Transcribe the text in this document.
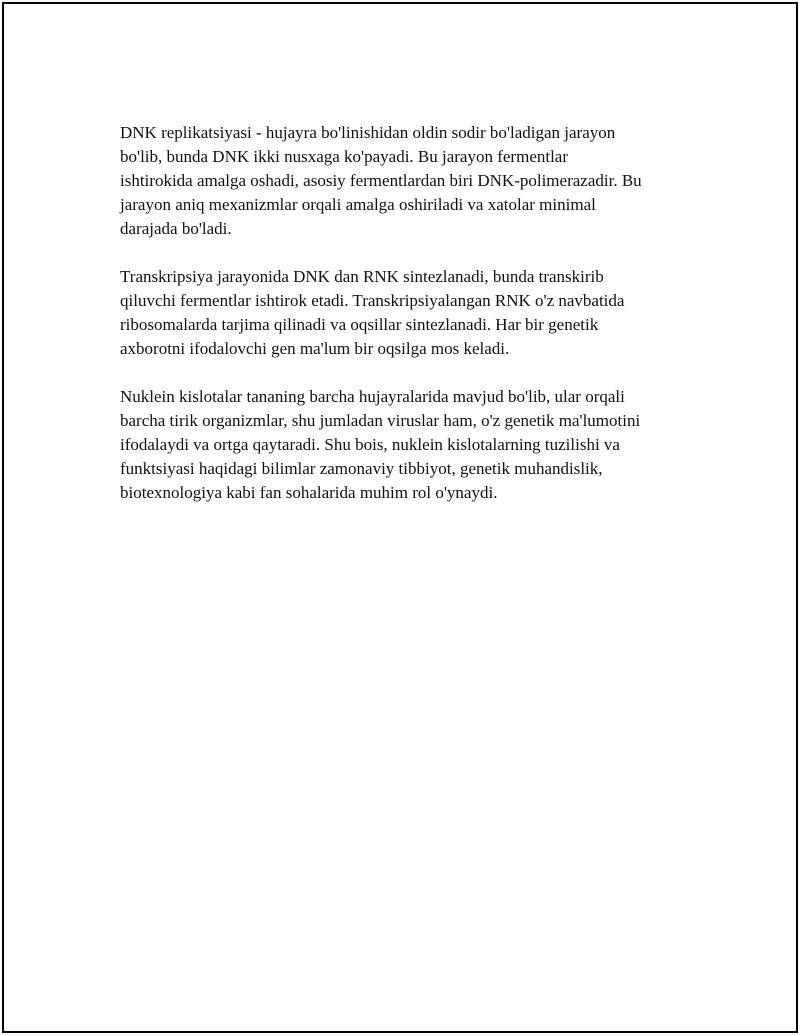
DNK replikatsiyasi - hujayra bo'linishidan oldin sodir bo'ladigan jarayon
bo'lib, bunda DNK ikki nusxaga ko'payadi. Bu jarayon fermentlar
ishtirokida amalga oshadi, asosiy fermentlardan biri DNK-polimerazadir. Bu
jarayon aniq mexanizmlar orqali amalga oshiriladi va xatolar minimal
darajada bo'ladi.

Transkripsiya jarayonida DNK dan RNK sintezlanadi, bunda transkirib
qiluvchi fermentlar ishtirok etadi. Transkripsiyalangan RNK o'z navbatida
ribosomalarda tarjima qilinadi va oqsillar sintezlanadi. Har bir genetik
axborotni ifodalovchi gen ma'lum bir oqsilga mos keladi.

Nuklein kislotalar tananing barcha hujayralarida mavjud bo'lib, ular orqali
barcha tirik organizmlar, shu jumladan viruslar ham, o'z genetik ma'lumotini
ifodalaydi va ortga qaytaradi. Shu bois, nuklein kislotalarning tuzilishi va
funktsiyasi haqidagi bilimlar zamonaviy tibbiyot, genetik muhandislik,
biotexnologiya kabi fan sohalarida muhim rol o'ynaydi.
